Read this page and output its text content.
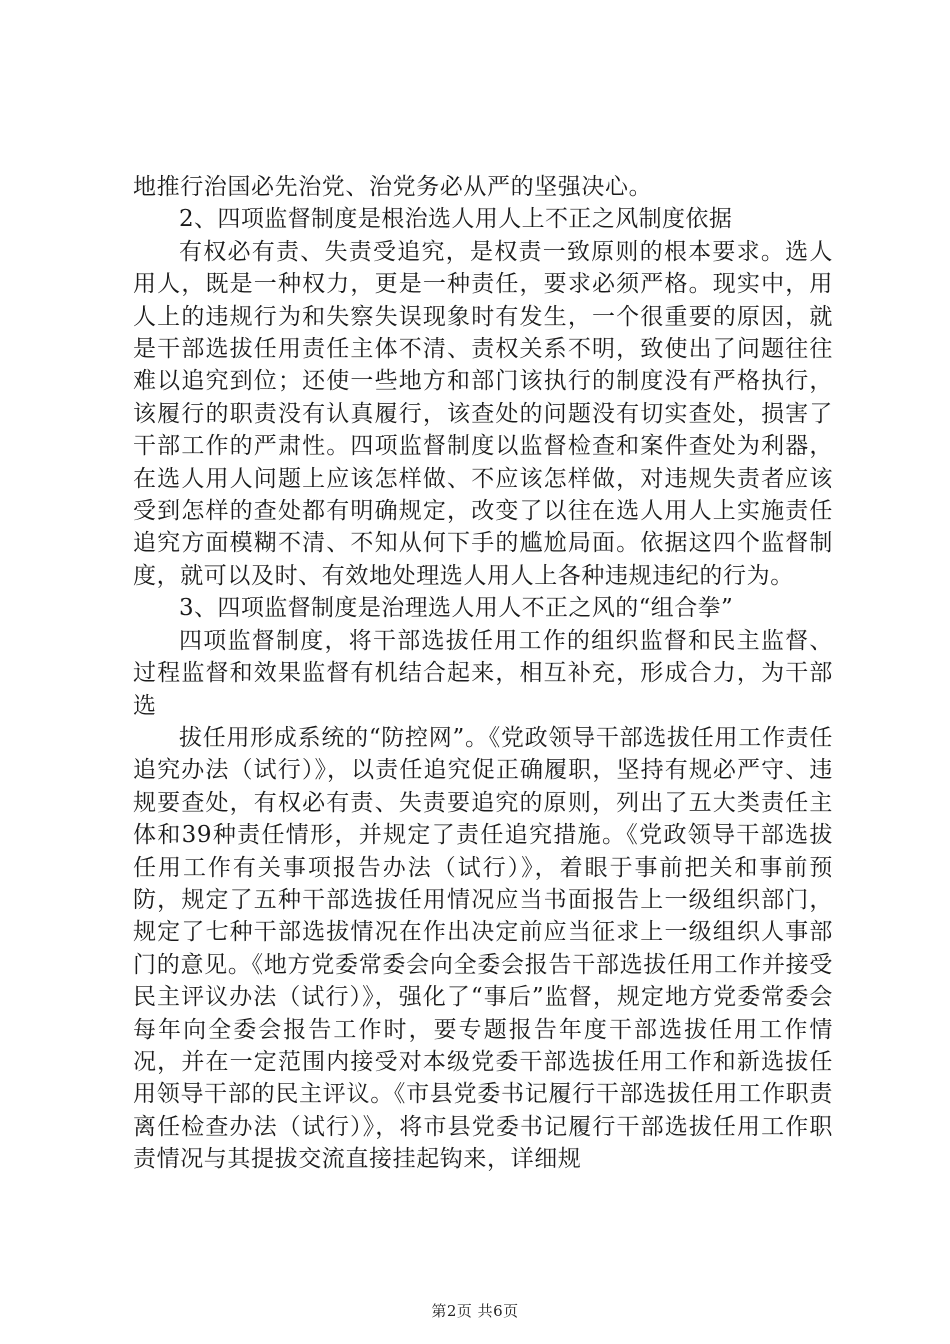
地推行治国必先治党、治党务必从严的坚强决心。

2、四项监督制度是根治选人用人上不正之风制度依据

有权必有责、失责受追究，是权责一致原则的根本要求。选人用人，既是一种权力，更是一种责任，要求必须严格。现实中，用人上的违规行为和失察失误现象时有发生，一个很重要的原因，就是干部选拔任用责任主体不清、责权关系不明，致使出了问题往往难以追究到位；还使一些地方和部门该执行的制度没有严格执行，该履行的职责没有认真履行，该查处的问题没有切实查处，损害了干部工作的严肃性。四项监督制度以监督检查和案件查处为利器，在选人用人问题上应该怎样做、不应该怎样做，对违规失责者应该受到怎样的查处都有明确规定，改变了以往在选人用人上实施责任追究方面模糊不清、不知从何下手的尴尬局面。依据这四个监督制度，就可以及时、有效地处理选人用人上各种违规违纪的行为。

3、四项监督制度是治理选人用人不正之风的“组合拳”

四项监督制度，将干部选拔任用工作的组织监督和民主监督、过程监督和效果监督有机结合起来，相互补充，形成合力，为干部选

拔任用形成系统的“防控网”。《党政领导干部选拔任用工作责任追究办法（试行）》，以责任追究促正确履职，坚持有规必严守、违规要查处，有权必有责、失责要追究的原则，列出了五大类责任主体和39种责任情形，并规定了责任追究措施。《党政领导干部选拔任用工作有关事项报告办法（试行）》，着眼于事前把关和事前预防，规定了五种干部选拔任用情况应当书面报告上一级组织部门，规定了七种干部选拔情况在作出决定前应当征求上一级组织人事部门的意见。《地方党委常委会向全委会报告干部选拔任用工作并接受民主评议办法（试行）》，强化了“事后”监督，规定地方党委常委会每年向全委会报告工作时，要专题报告年度干部选拔任用工作情况，并在一定范围内接受对本级党委干部选拔任用工作和新选拔任用领导干部的民主评议。《市县党委书记履行干部选拔任用工作职责离任检查办法（试行）》，将市县党委书记履行干部选拔任用工作职责情况与其提拔交流直接挂起钩来，详细规

第2页 共6页
